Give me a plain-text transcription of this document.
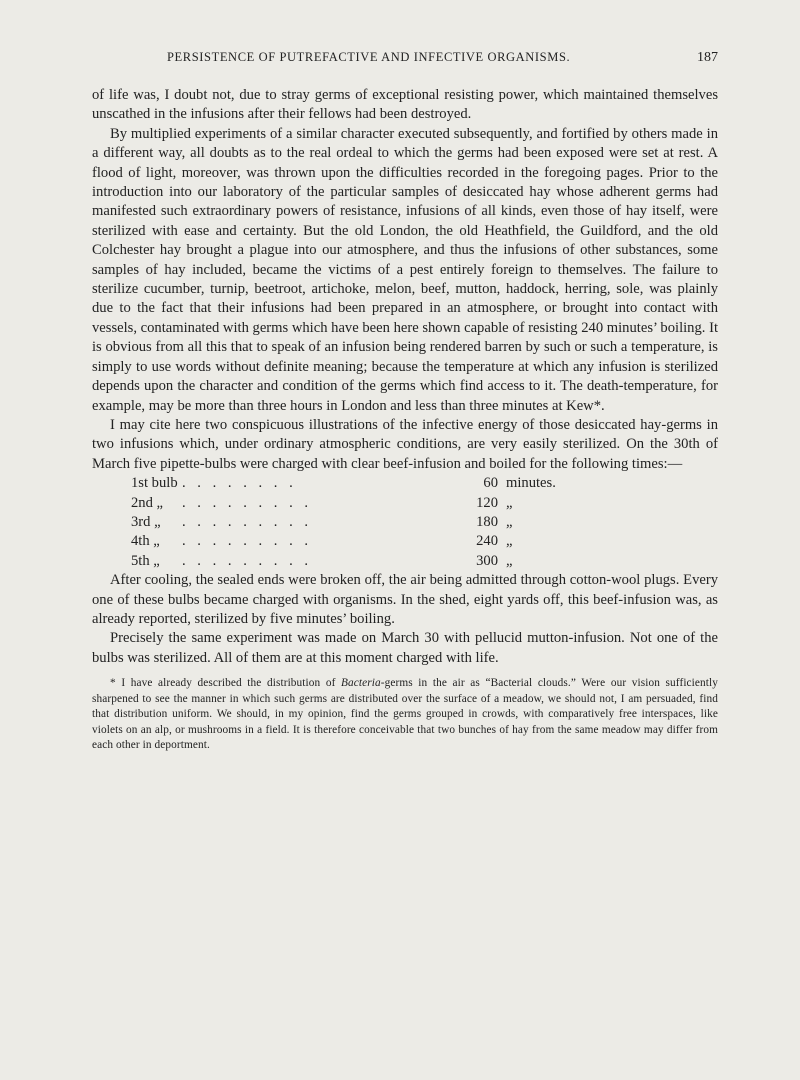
PERSISTENCE OF PUTREFACTIVE AND INFECTIVE ORGANISMS.	187

of life was, I doubt not, due to stray germs of exceptional resisting power, which maintained themselves unscathed in the infusions after their fellows had been destroyed.

By multiplied experiments of a similar character executed subsequently, and fortified by others made in a different way, all doubts as to the real ordeal to which the germs had been exposed were set at rest. A flood of light, moreover, was thrown upon the difficulties recorded in the foregoing pages. Prior to the introduction into our laboratory of the particular samples of desiccated hay whose adherent germs had manifested such extraordinary powers of resistance, infusions of all kinds, even those of hay itself, were sterilized with ease and certainty. But the old London, the old Heathfield, the Guildford, and the old Colchester hay brought a plague into our atmosphere, and thus the infusions of other substances, some samples of hay included, became the victims of a pest entirely foreign to themselves. The failure to sterilize cucumber, turnip, beetroot, artichoke, melon, beef, mutton, haddock, herring, sole, was plainly due to the fact that their infusions had been prepared in an atmosphere, or brought into contact with vessels, contaminated with germs which have been here shown capable of resisting 240 minutes’ boiling. It is obvious from all this that to speak of an infusion being rendered barren by such or such a temperature, is simply to use words without definite meaning; because the temperature at which any infusion is sterilized depends upon the character and condition of the germs which find access to it. The death-temperature, for example, may be more than three hours in London and less than three minutes at Kew*.

I may cite here two conspicuous illustrations of the infective energy of those desiccated hay-germs in two infusions which, under ordinary atmospheric conditions, are very easily sterilized. On the 30th of March five pipette-bulbs were charged with clear beef-infusion and boiled for the following times:—

1st bulb . . . . . . . .	60 minutes.
2nd „	. . . . . . . . .	120 „
3rd „	. . . . . . . . .	180 „
4th „	. . . . . . . . .	240 „
5th „	. . . . . . . . .	300 „

After cooling, the sealed ends were broken off, the air being admitted through cotton-wool plugs. Every one of these bulbs became charged with organisms. In the shed, eight yards off, this beef-infusion was, as already reported, sterilized by five minutes’ boiling.

Precisely the same experiment was made on March 30 with pellucid mutton-infusion. Not one of the bulbs was sterilized. All of them are at this moment charged with life.

* I have already described the distribution of Bacteria-germs in the air as “Bacterial clouds.” Were our vision sufficiently sharpened to see the manner in which such germs are distributed over the surface of a meadow, we should not, I am persuaded, find that distribution uniform. We should, in my opinion, find the germs grouped in crowds, with comparatively free interspaces, like violets on an alp, or mushrooms in a field. It is therefore conceivable that two bunches of hay from the same meadow may differ from each other in deportment.
